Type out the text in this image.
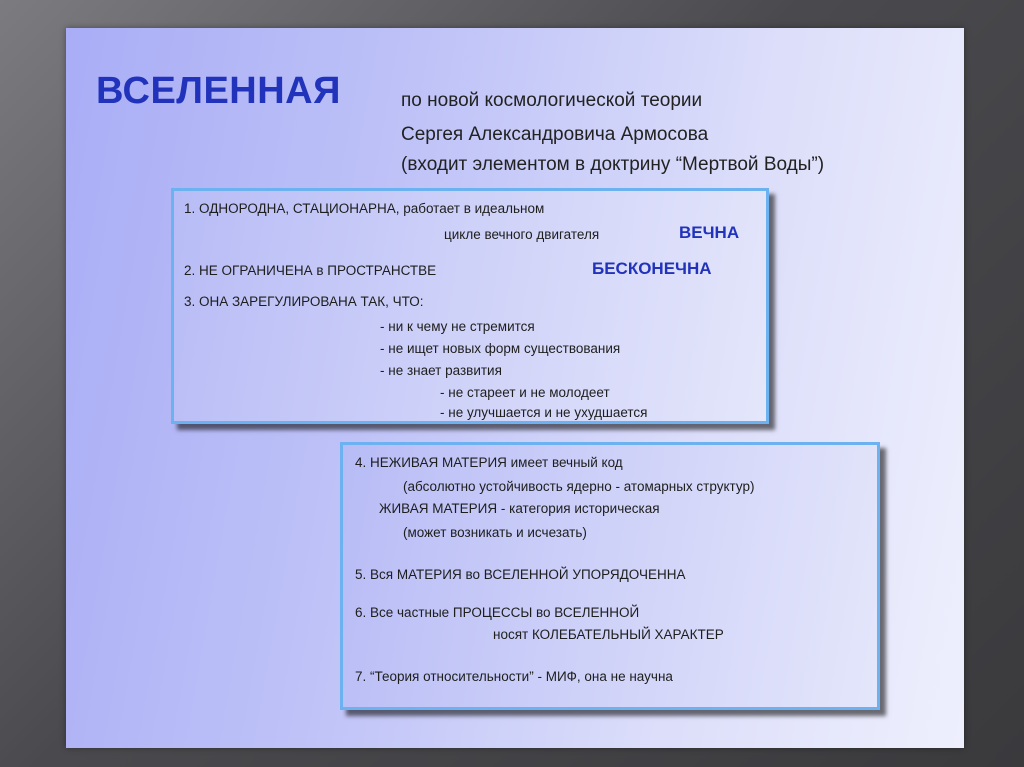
ВСЕЛЕННАЯ	по новой космологической теории
Сергея Александровича Армосова
(входит элементом в доктрину “Мертвой Воды”)
1. ОДНОРОДНА, СТАЦИОНАРНА, работает в идеальном
цикле вечного двигателя	ВЕЧНА
2. НЕ ОГРАНИЧЕНА в ПРОСТРАНСТВЕ	БЕСКОНЕЧНА
3. ОНА ЗАРЕГУЛИРОВАНА ТАК, ЧТО:
- ни к чему не стремится
- не ищет новых форм существования
- не знает развития
- не стареет и не молодеет
- не улучшается и не ухудшается
4. НЕЖИВАЯ МАТЕРИЯ имеет вечный код
(абсолютно устойчивость ядерно - атомарных структур)
ЖИВАЯ МАТЕРИЯ - категория историческая
(может возникать и исчезать)
5. Вся МАТЕРИЯ во ВСЕЛЕННОЙ УПОРЯДОЧЕННА
6. Все частные ПРОЦЕССЫ во ВСЕЛЕННОЙ
носят КОЛЕБАТЕЛЬНЫЙ ХАРАКТЕР
7. “Теория относительности” - МИФ, она не научна
